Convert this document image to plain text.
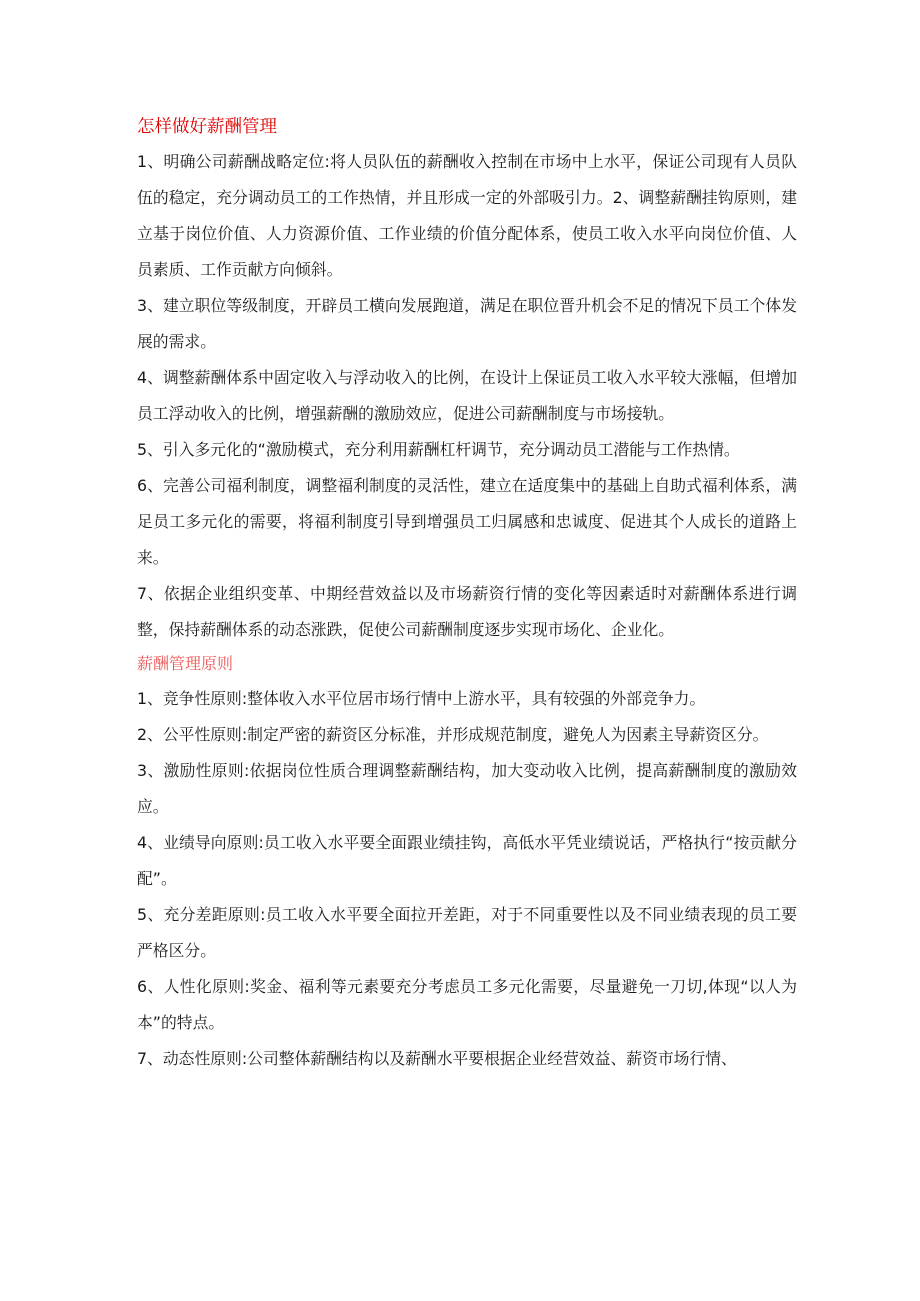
怎样做好薪酬管理

1、明确公司薪酬战略定位:将人员队伍的薪酬收入控制在市场中上水平，保证公司现有人员队伍的稳定，充分调动员工的工作热情，并且形成一定的外部吸引力。2、调整薪酬挂钩原则，建立基于岗位价值、人力资源价值、工作业绩的价值分配体系，使员工收入水平向岗位价值、人员素质、工作贡献方向倾斜。

3、建立职位等级制度，开辟员工横向发展跑道，满足在职位晋升机会不足的情况下员工个体发展的需求。

4、调整薪酬体系中固定收入与浮动收入的比例，在设计上保证员工收入水平较大涨幅，但增加员工浮动收入的比例，增强薪酬的激励效应，促进公司薪酬制度与市场接轨。

5、引入多元化的“激励模式，充分利用薪酬杠杆调节，充分调动员工潜能与工作热情。

6、完善公司福利制度，调整福利制度的灵活性，建立在适度集中的基础上自助式福利体系，满足员工多元化的需要，将福利制度引导到增强员工归属感和忠诚度、促进其个人成长的道路上来。

7、依据企业组织变革、中期经营效益以及市场薪资行情的变化等因素适时对薪酬体系进行调整，保持薪酬体系的动态涨跌，促使公司薪酬制度逐步实现市场化、企业化。

薪酬管理原则

1、竞争性原则:整体收入水平位居市场行情中上游水平，具有较强的外部竞争力。

2、公平性原则:制定严密的薪资区分标准，并形成规范制度，避免人为因素主导薪资区分。

3、激励性原则:依据岗位性质合理调整薪酬结构，加大变动收入比例，提高薪酬制度的激励效应。

4、业绩导向原则:员工收入水平要全面跟业绩挂钩，高低水平凭业绩说话，严格执行“按贡献分配”。

5、充分差距原则:员工收入水平要全面拉开差距，对于不同重要性以及不同业绩表现的员工要严格区分。

6、人性化原则:奖金、福利等元素要充分考虑员工多元化需要，尽量避免一刀切,体现“以人为本”的特点。

7、动态性原则:公司整体薪酬结构以及薪酬水平要根据企业经营效益、薪资市场行情、
